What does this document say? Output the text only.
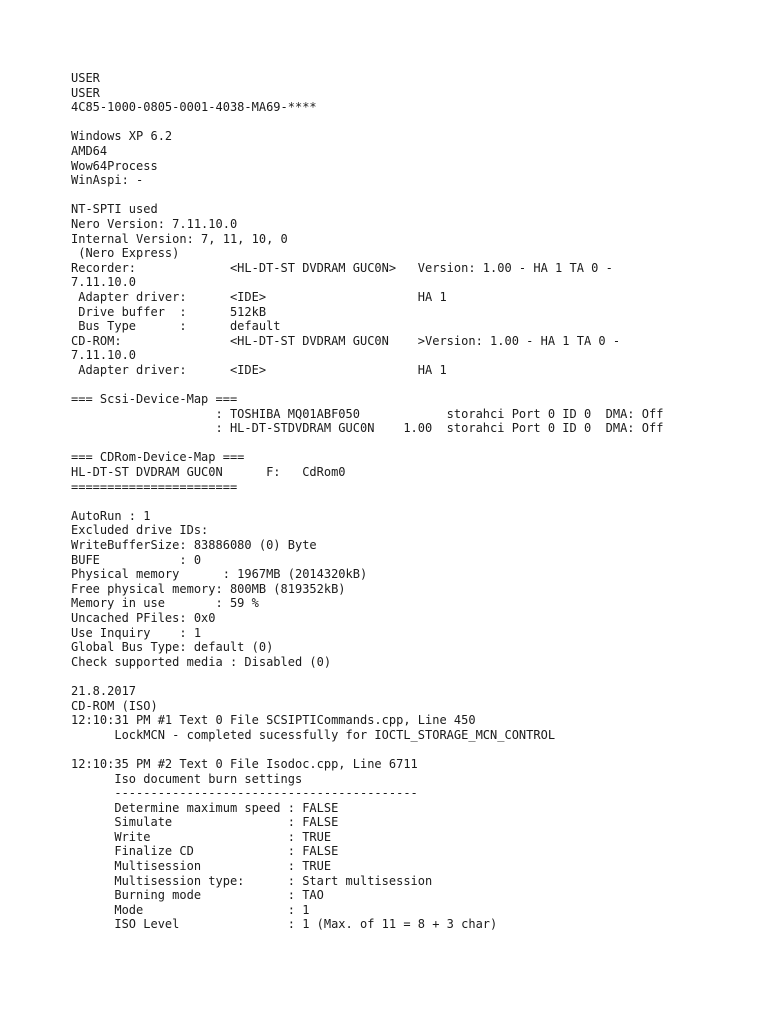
USER
USER
4C85-1000-0805-0001-4038-MA69-****
Windows XP 6.2
AMD64
Wow64Process
WinAspi: -
NT-SPTI used
Nero Version: 7.11.10.0
Internal Version: 7, 11, 10, 0
(Nero Express)
Recorder:             <HL-DT-ST DVDRAM GUC0N>   Version: 1.00 - HA 1 TA 0 -
7.11.10.0
Adapter driver:      <IDE>                     HA 1
Drive buffer  :      512kB
Bus Type      :      default
CD-ROM:               <HL-DT-ST DVDRAM GUC0N    >Version: 1.00 - HA 1 TA 0 -
7.11.10.0
Adapter driver:      <IDE>                     HA 1
=== Scsi-Device-Map ===
: TOSHIBA MQ01ABF050            storahci Port 0 ID 0  DMA: Off
: HL-DT-STDVDRAM GUC0N    1.00  storahci Port 0 ID 0  DMA: Off
=== CDRom-Device-Map ===
HL-DT-ST DVDRAM GUC0N      F:   CdRom0
=======================
AutoRun : 1
Excluded drive IDs:
WriteBufferSize: 83886080 (0) Byte
BUFE           : 0
Physical memory      : 1967MB (2014320kB)
Free physical memory: 800MB (819352kB)
Memory in use       : 59 %
Uncached PFiles: 0x0
Use Inquiry    : 1
Global Bus Type: default (0)
Check supported media : Disabled (0)
21.8.2017
CD-ROM (ISO)
12:10:31 PM #1 Text 0 File SCSIPTICommands.cpp, Line 450
LockMCN - completed sucessfully for IOCTL_STORAGE_MCN_CONTROL
12:10:35 PM #2 Text 0 File Isodoc.cpp, Line 6711
Iso document burn settings
------------------------------------------
Determine maximum speed : FALSE
Simulate                : FALSE
Write                   : TRUE
Finalize CD             : FALSE
Multisession            : TRUE
Multisession type:      : Start multisession
Burning mode            : TAO
Mode                    : 1
ISO Level               : 1 (Max. of 11 = 8 + 3 char)
